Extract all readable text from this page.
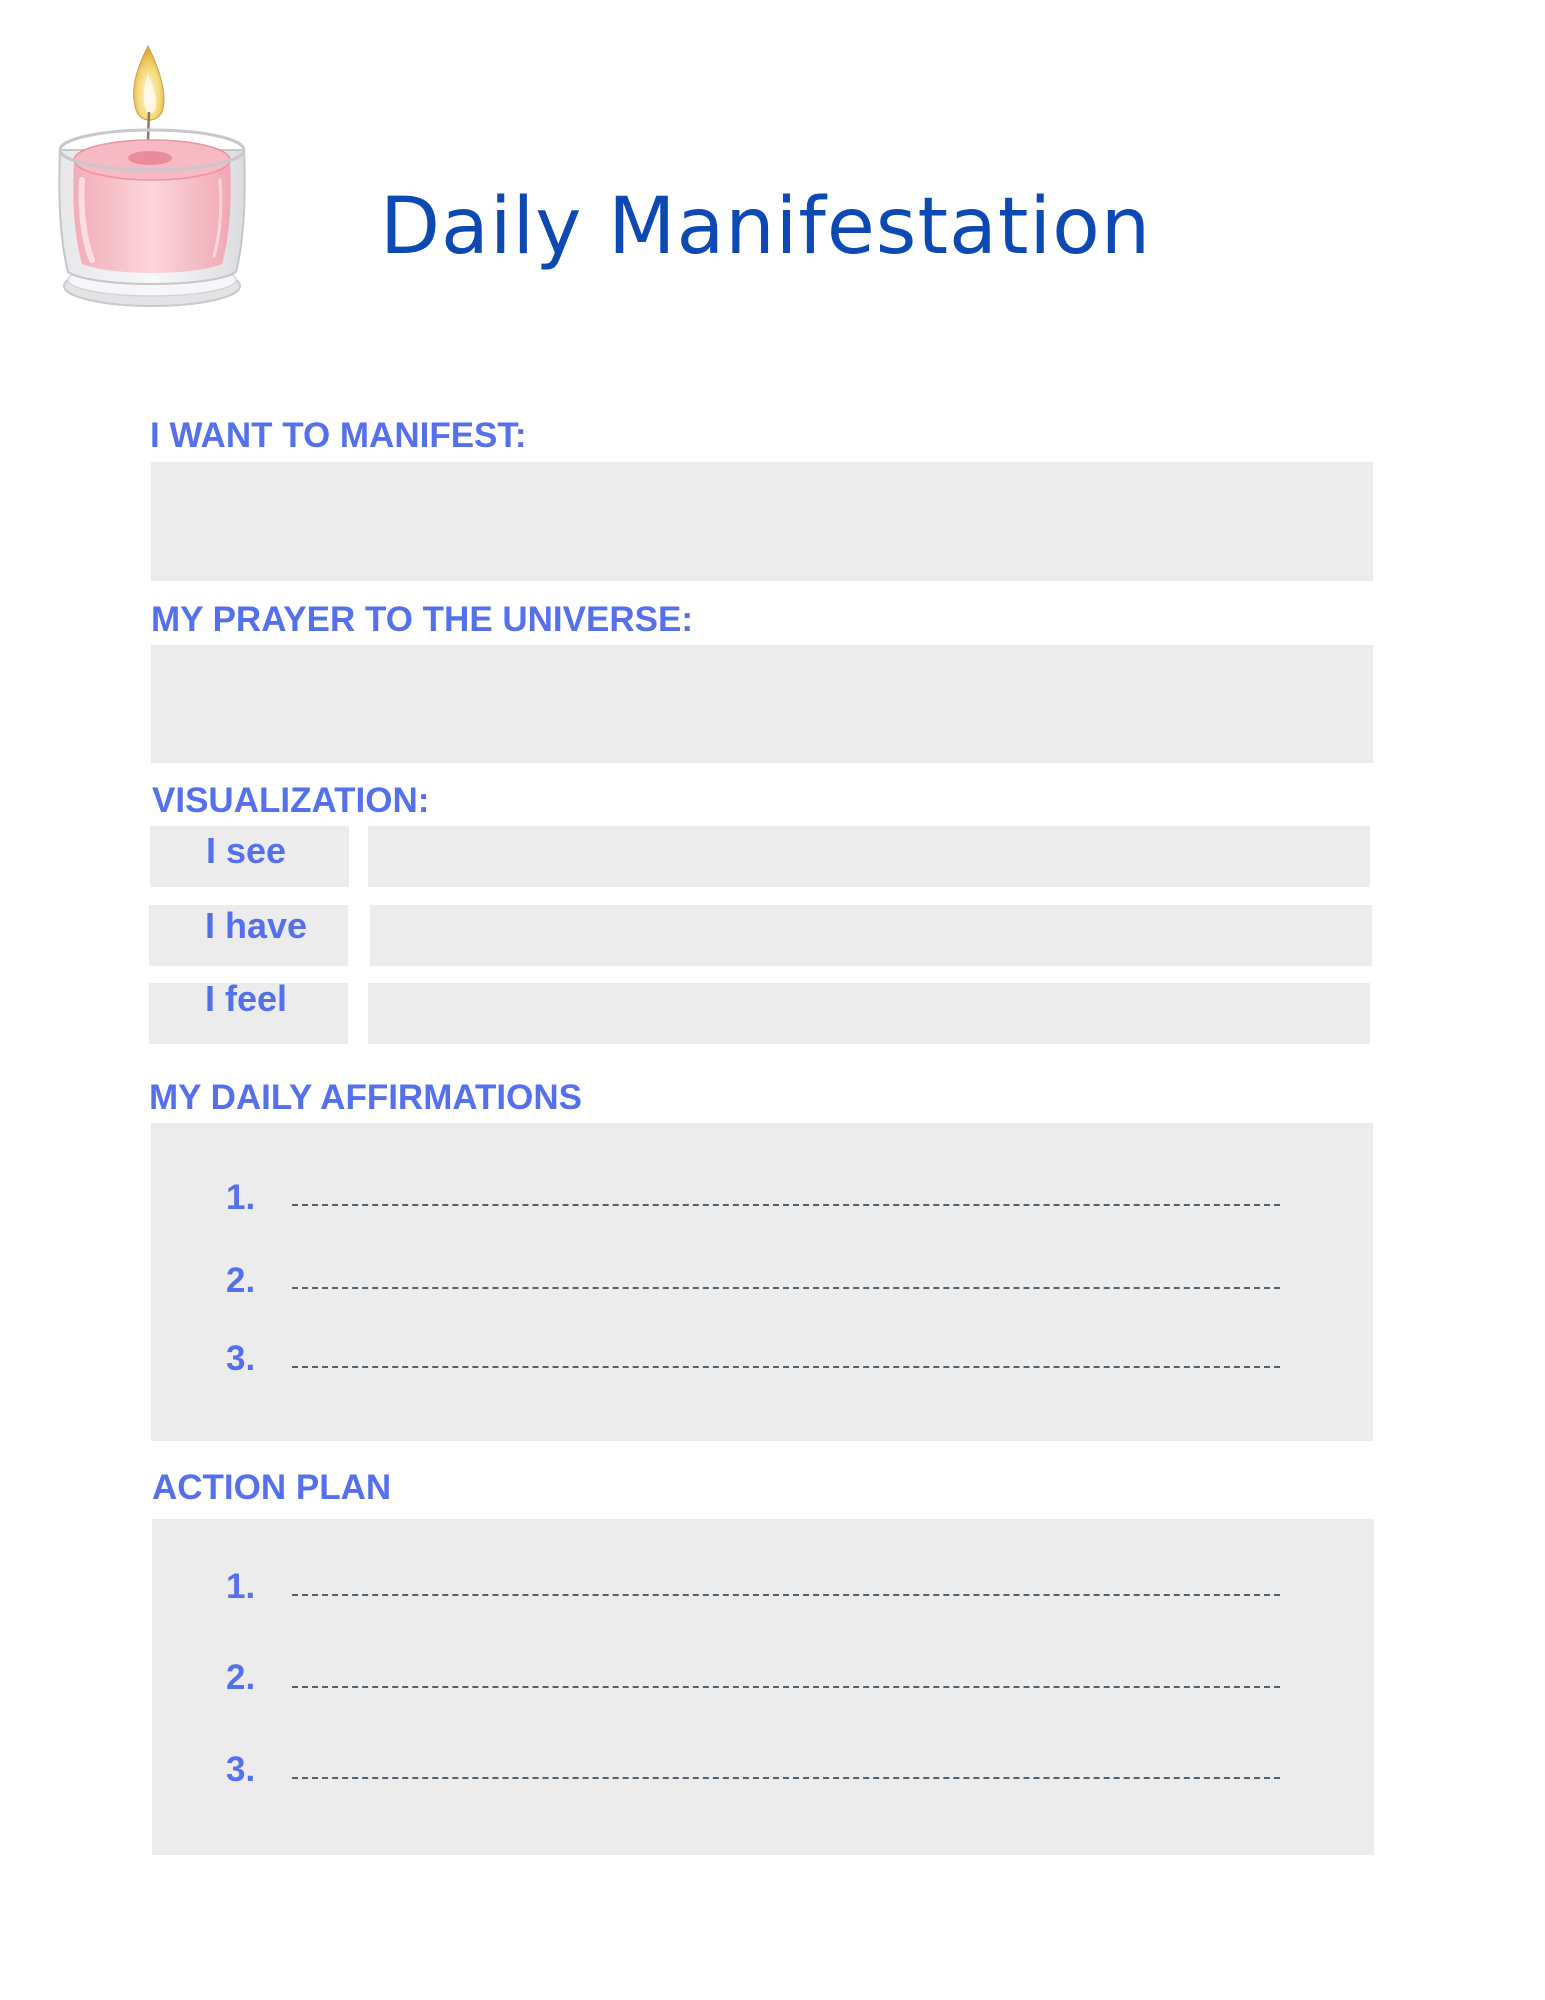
Daily Manifestation
I WANT TO MANIFEST:
MY PRAYER TO THE UNIVERSE:
VISUALIZATION:
I see
I have
I feel
MY DAILY AFFIRMATIONS
1.
2.
3.
ACTION PLAN
1.
2.
3.
